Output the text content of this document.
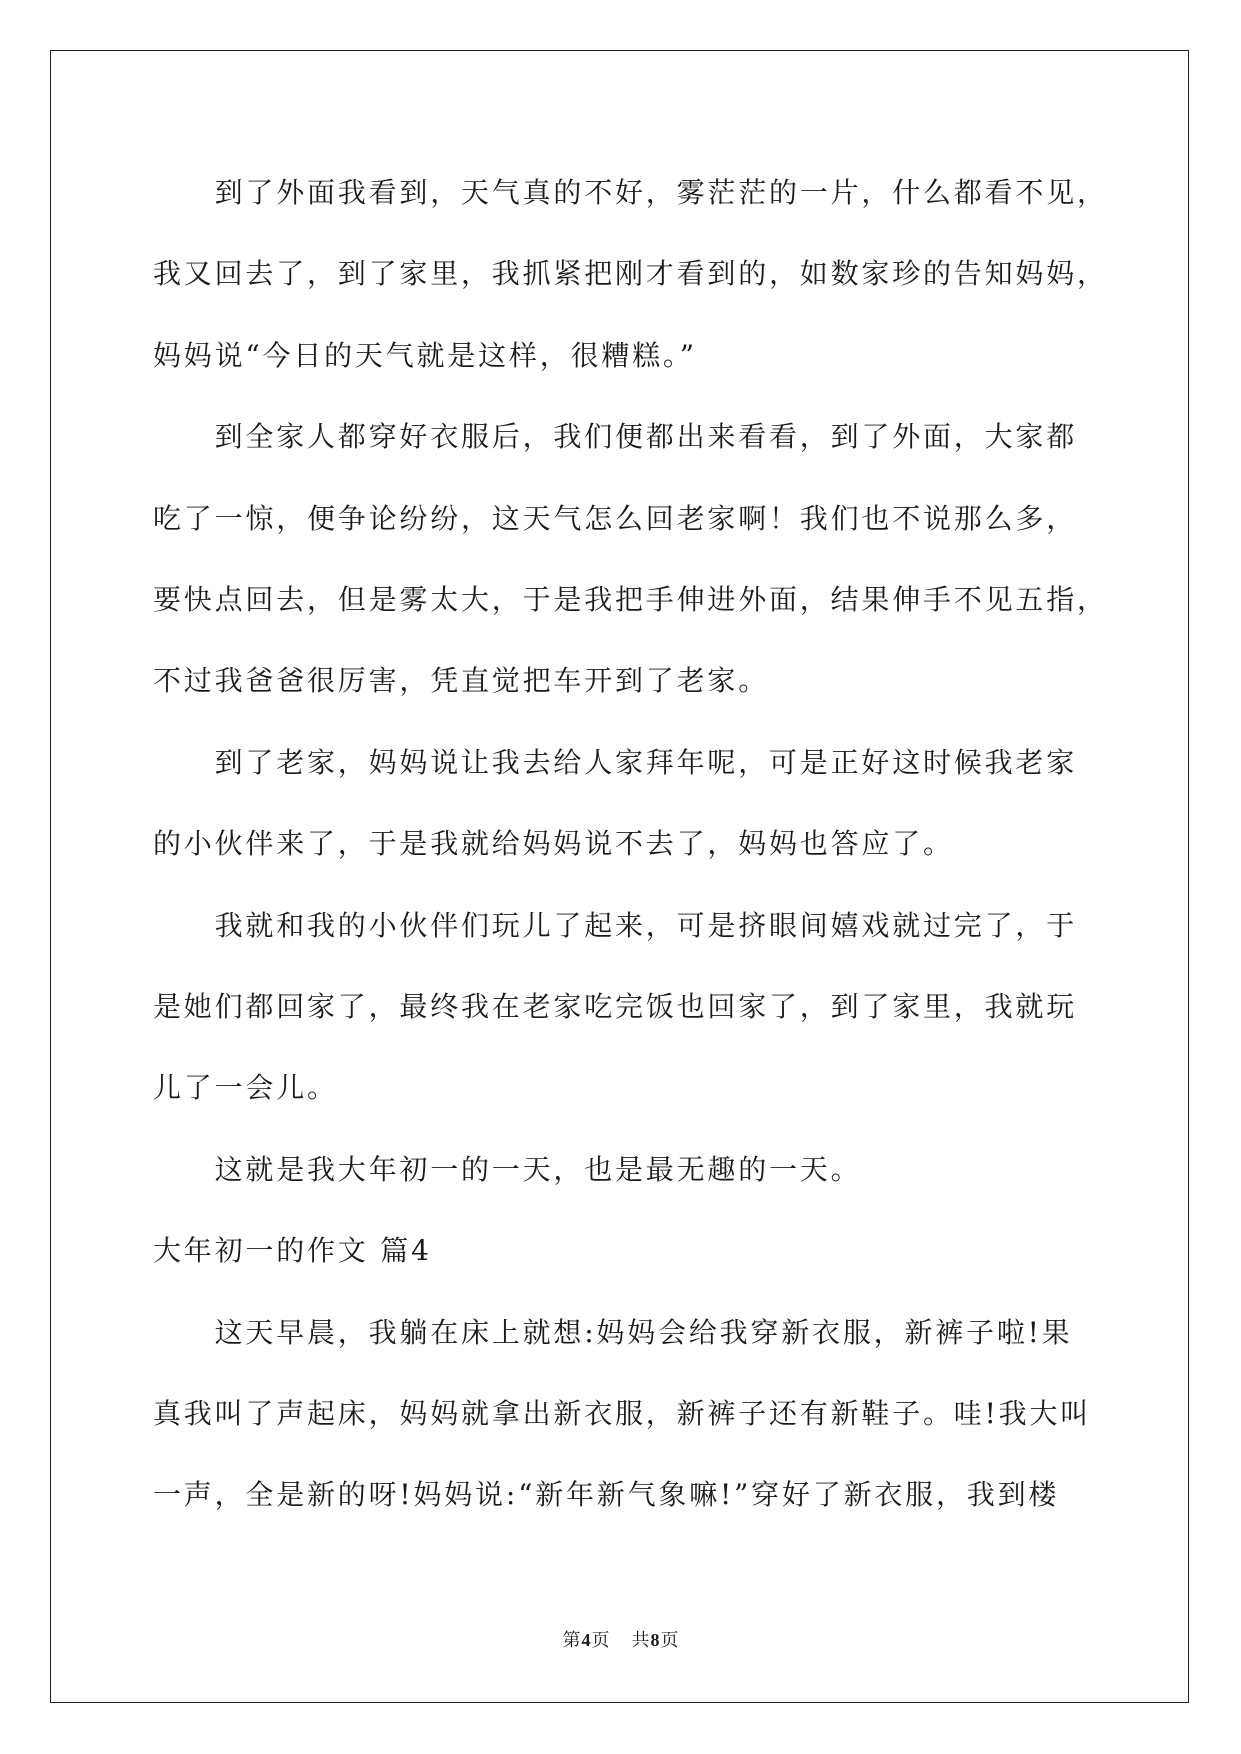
到了外面我看到，天气真的不好，雾茫茫的一片，什么都看不见，
我又回去了，到了家里，我抓紧把刚才看到的，如数家珍的告知妈妈，
妈妈说“今日的天气就是这样，很糟糕。”
到全家人都穿好衣服后，我们便都出来看看，到了外面，大家都
吃了一惊，便争论纷纷，这天气怎么回老家啊！我们也不说那么多，
要快点回去，但是雾太大，于是我把手伸进外面，结果伸手不见五指，
不过我爸爸很厉害，凭直觉把车开到了老家。
到了老家，妈妈说让我去给人家拜年呢，可是正好这时候我老家
的小伙伴来了，于是我就给妈妈说不去了，妈妈也答应了。
我就和我的小伙伴们玩儿了起来，可是挤眼间嬉戏就过完了，于
是她们都回家了，最终我在老家吃完饭也回家了，到了家里，我就玩
儿了一会儿。
这就是我大年初一的一天，也是最无趣的一天。
大年初一的作文 篇4
这天早晨，我躺在床上就想:妈妈会给我穿新衣服，新裤子啦!果
真我叫了声起床，妈妈就拿出新衣服，新裤子还有新鞋子。哇!我大叫
一声，全是新的呀!妈妈说:“新年新气象嘛!”穿好了新衣服，我到楼
第4页 共8页
